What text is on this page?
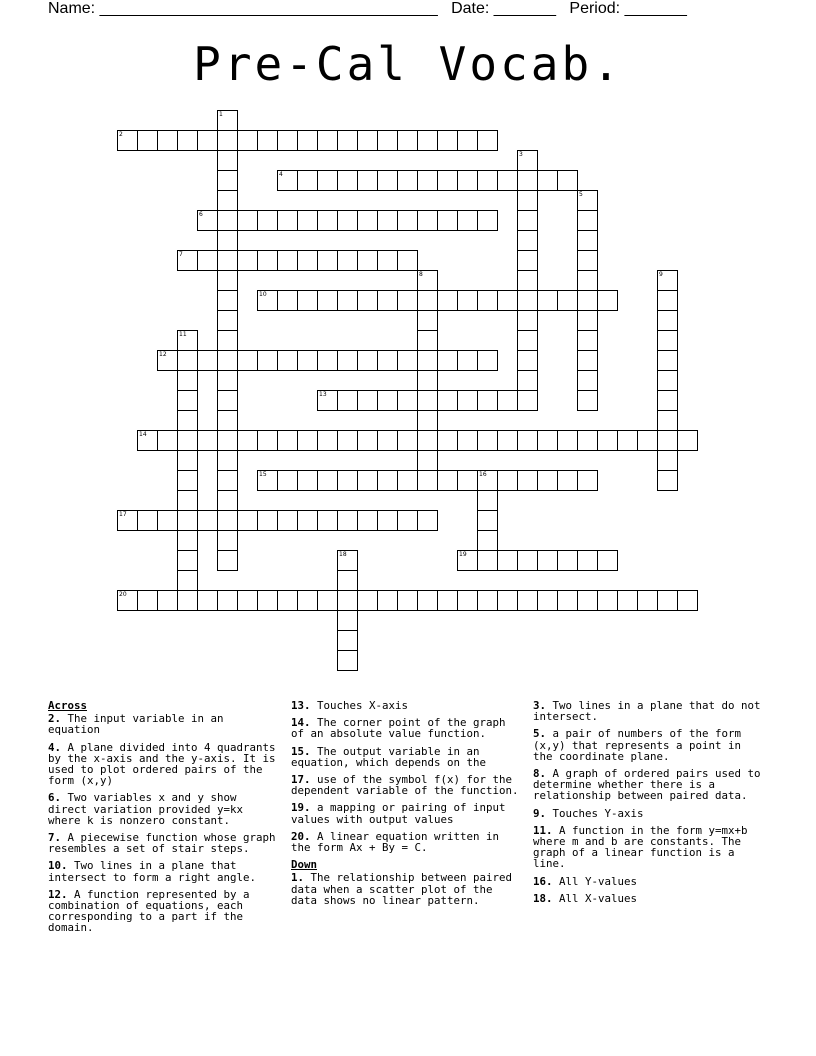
Name: ______________________________________ Date: _______ Period: _______
Pre-Cal Vocab.
1
2
3
4
5
6
7
8	9
10
11
12
13
14
15	16
17
18	19
20
Across
2. The input variable in an equation
4. A plane divided into 4 quadrants by the x-axis and the y-axis. It is used to plot ordered pairs of the form (x,y)
6. Two variables x and y show direct variation provided y=kx where k is nonzero constant.
7. A piecewise function whose graph resembles a set of stair steps.
10. Two lines in a plane that intersect to form a right angle.
12. A function represented by a combination of equations, each corresponding to a part if the domain.
13. Touches X-axis
14. The corner point of the graph of an absolute value function.
15. The output variable in an equation, which depends on the
17. use of the symbol f(x) for the dependent variable of the function.
19. a mapping or pairing of input values with output values
20. A linear equation written in the form Ax + By = C.
Down
1. The relationship between paired data when a scatter plot of the data shows no linear pattern.
3. Two lines in a plane that do not intersect.
5. a pair of numbers of the form (x,y) that represents a point in the coordinate plane.
8. A graph of ordered pairs used to determine whether there is a relationship between paired data.
9. Touches Y-axis
11. A function in the form y=mx+b where m and b are constants. The graph of a linear function is a line.
16. All Y-values
18. All X-values
